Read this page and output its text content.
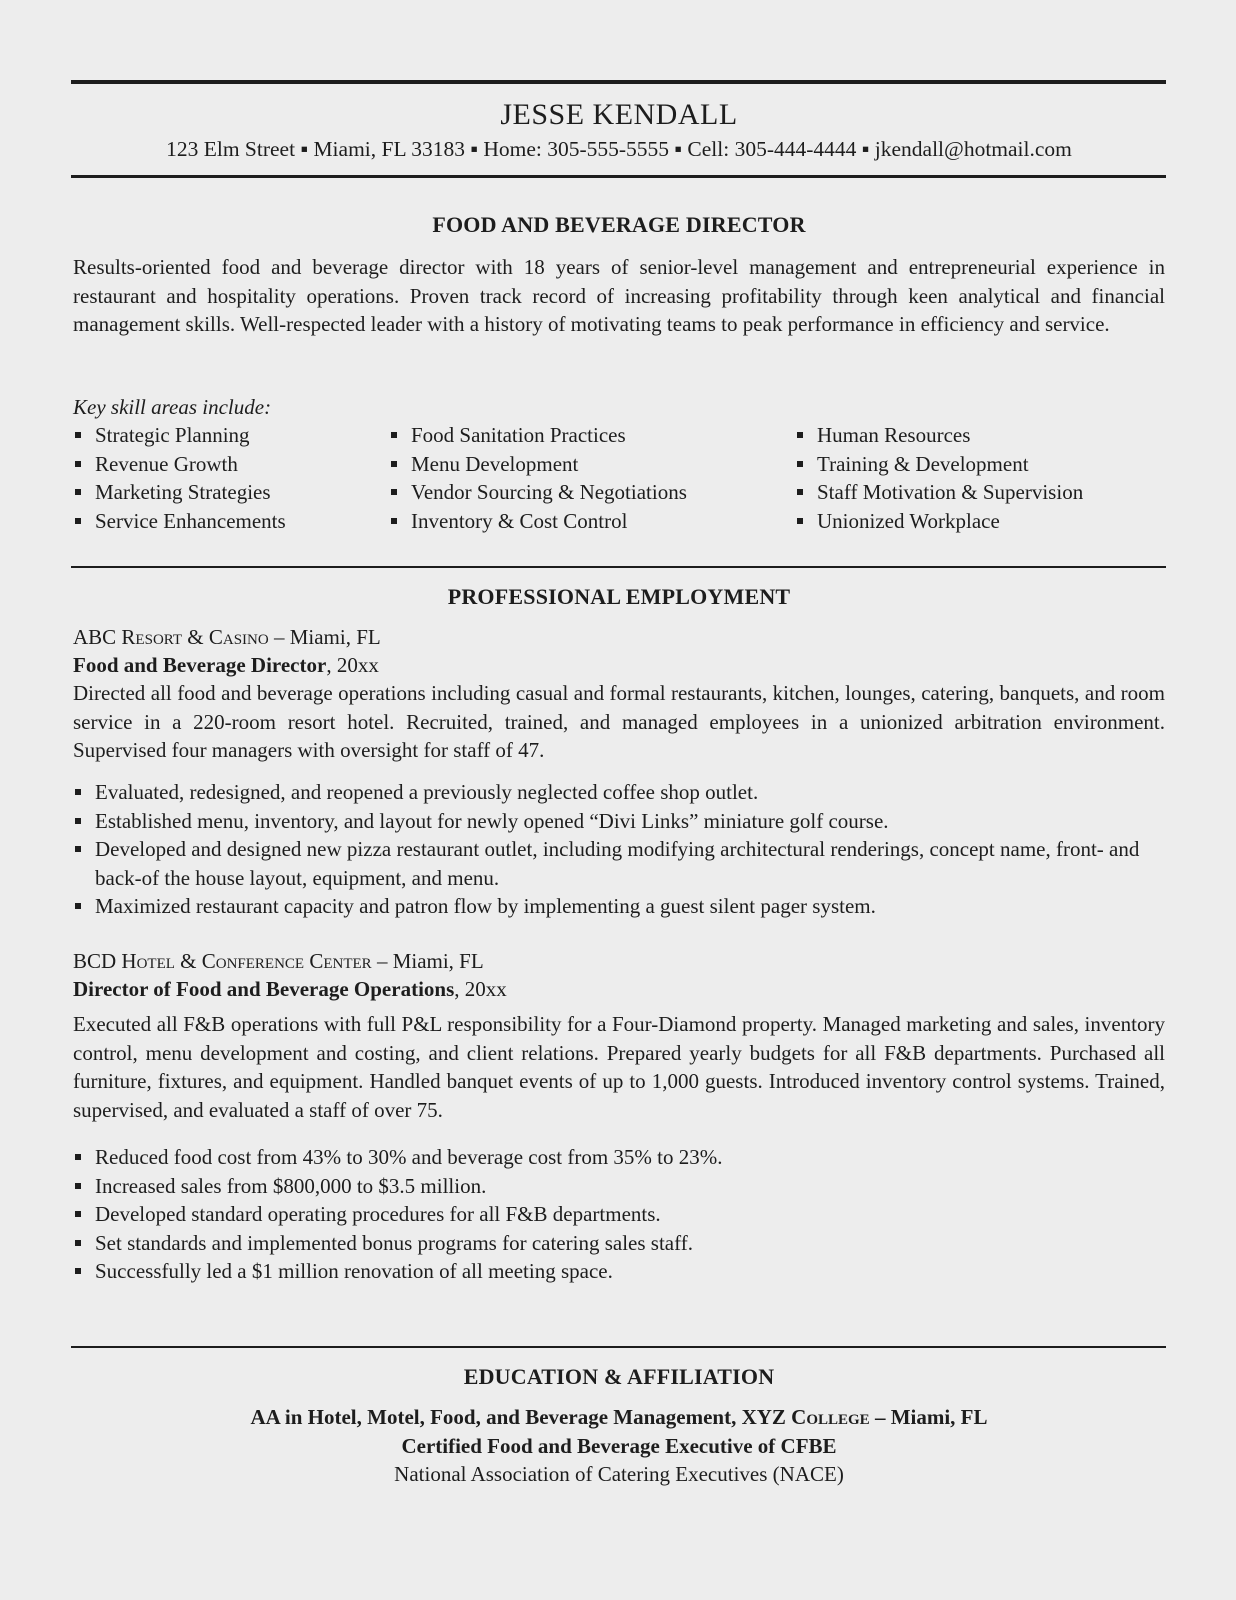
JESSE KENDALL
123 Elm Street ▪ Miami, FL 33183 ▪ Home: 305-555-5555 ▪ Cell: 305-444-4444 ▪ jkendall@hotmail.com
FOOD AND BEVERAGE DIRECTOR
Results-oriented food and beverage director with 18 years of senior-level management and entrepreneurial experience in restaurant and hospitality operations. Proven track record of increasing profitability through keen analytical and financial management skills. Well-respected leader with a history of motivating teams to peak performance in efficiency and service.
Key skill areas include:
Strategic Planning
Revenue Growth
Marketing Strategies
Service Enhancements
Food Sanitation Practices
Menu Development
Vendor Sourcing & Negotiations
Inventory & Cost Control
Human Resources
Training & Development
Staff Motivation & Supervision
Unionized Workplace
PROFESSIONAL EMPLOYMENT
ABC Resort & Casino – Miami, FL
Food and Beverage Director, 20xx
Directed all food and beverage operations including casual and formal restaurants, kitchen, lounges, catering, banquets, and room service in a 220-room resort hotel. Recruited, trained, and managed employees in a unionized arbitration environment. Supervised four managers with oversight for staff of 47.
Evaluated, redesigned, and reopened a previously neglected coffee shop outlet.
Established menu, inventory, and layout for newly opened “Divi Links” miniature golf course.
Developed and designed new pizza restaurant outlet, including modifying architectural renderings, concept name, front- and back-of the house layout, equipment, and menu.
Maximized restaurant capacity and patron flow by implementing a guest silent pager system.
BCD Hotel & Conference Center – Miami, FL
Director of Food and Beverage Operations, 20xx
Executed all F&B operations with full P&L responsibility for a Four-Diamond property. Managed marketing and sales, inventory control, menu development and costing, and client relations. Prepared yearly budgets for all F&B departments. Purchased all furniture, fixtures, and equipment. Handled banquet events of up to 1,000 guests. Introduced inventory control systems. Trained, supervised, and evaluated a staff of over 75.
Reduced food cost from 43% to 30% and beverage cost from 35% to 23%.
Increased sales from $800,000 to $3.5 million.
Developed standard operating procedures for all F&B departments.
Set standards and implemented bonus programs for catering sales staff.
Successfully led a $1 million renovation of all meeting space.
EDUCATION & AFFILIATION
AA in Hotel, Motel, Food, and Beverage Management, XYZ College – Miami, FL
Certified Food and Beverage Executive of CFBE
National Association of Catering Executives (NACE)
